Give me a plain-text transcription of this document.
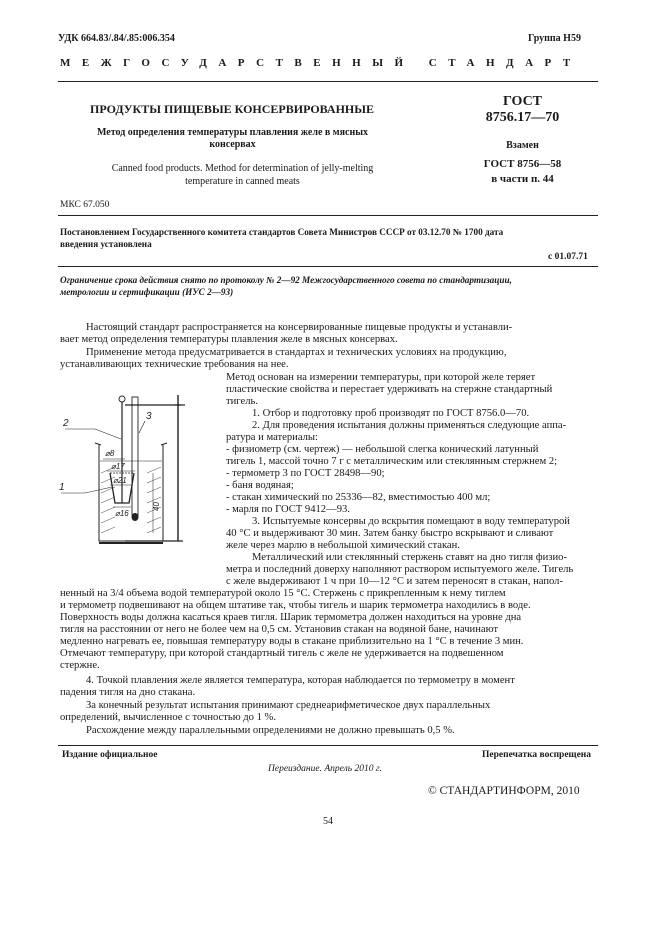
УДК 664.83/.84/.85:006.354	Группа Н59
МЕЖГОСУДАРСТВЕННЫЙ СТАНДАРТ
ПРОДУКТЫ ПИЩЕВЫЕ КОНСЕРВИРОВАННЫЕ
Метод определения температуры плавления желе в мясных
консервах
Canned food products. Method for determination of jelly-melting
temperature in canned meats
ГОСТ
8756.17—70
Взамен
ГОСТ 8756—58
в части п. 44
МКС 67.050
Постановлением Государственного комитета стандартов Совета Министров СССР от 03.12.70 № 1700 дата
введения установлена
с 01.07.71
Ограничение срока действия снято по протоколу № 2—92 Межгосударственного совета по стандартизации,
метрологии и сертификации (ИУС 2—93)
Настоящий стандарт распространяется на консервированные пищевые продукты и устанавли-
вает метод определения температуры плавления желе в мясных консервах.
Применение метода предусматривается в стандартах и технических условиях на продукцию,
устанавливающих технические требования на нее.
2
1
3
⌀8
⌀17
⌀21
⌀16
40
Метод основан на измерении температуры, при которой желе теряет
пластические свойства и перестает удерживать на стержне стандартный
тигель.
1. Отбор и подготовку проб производят по ГОСТ 8756.0—70.
2. Для проведения испытания должны применяться следующие аппа-
ратура и материалы:
- физиометр (см. чертеж) — небольшой слегка конический латунный
тигель 1, массой точно 7 г с металлическим или стеклянным стержнем 2;
- термометр 3 по ГОСТ 28498—90;
- баня водяная;
- стакан химический по 25336—82, вместимостью 400 мл;
- марля по ГОСТ 9412—93.
3. Испытуемые консервы до вскрытия помещают в воду температурой
40 °С и выдерживают 30 мин. Затем банку быстро вскрывают и сливают
желе через марлю в небольшой химический стакан.
Металлический или стеклянный стержень ставят на дно тигля физио-
метра и последний доверху наполняют раствором испытуемого желе. Тигель
с желе выдерживают 1 ч при 10—12 °С и затем переносят в стакан, напол-
ненный на 3/4 объема водой температурой около 15 °С. Стержень с прикрепленным к нему тиглем
и термометр подвешивают на общем штативе так, чтобы тигель и шарик термометра находились в воде.
Поверхность воды должна касаться краев тигля. Шарик термометра должен находиться на уровне дна
тигля на расстоянии от него не более чем на 0,5 см. Установив стакан на водяной бане, начинают
медленно нагревать ее, повышая температуру воды в стакане приблизительно на 1 °С в течение 3 мин.
Отмечают температуру, при которой стандартный тигель с желе не удерживается на подвешенном
стержне.
4. Точкой плавления желе является температура, которая наблюдается по термометру в момент
падения тигля на дно стакана.
За конечный результат испытания принимают среднеарифметическое двух параллельных
определений, вычисленное с точностью до 1 %.
Расхождение между параллельными определениями не должно превышать 0,5 %.
Издание официальное	Перепечатка воспрещена
Переиздание. Апрель 2010 г.
© СТАНДАРТИНФОРМ, 2010
54
